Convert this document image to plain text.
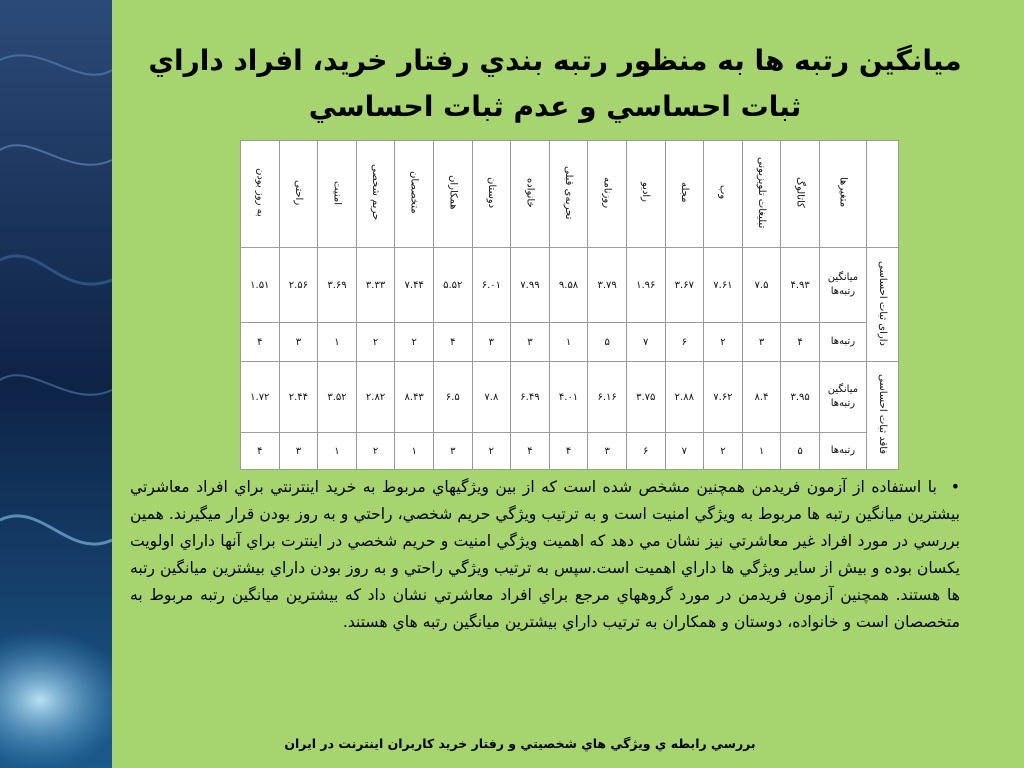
ميانگين رتبه ها به منظور رتبه بندي رفتار خريد، افراد داراي ثبات احساسي و عدم ثبات احساسي
به روز بودن	راحتی	امنیت	حریم شخصی	متخصصان	همکاران	دوستان	خانواده	تجربه‌ی قبلی	روزنامه	رادیو	مجله	وب	تبلیغات تلویزیونی	کاتالوگ	متغیرها	
۱.۵۱	۲.۵۶	۳.۶۹	۳.۳۳	۷.۴۴	۵.۵۲	۶.۰۱	۷.۹۹	۹.۵۸	۳.۷۹	۱.۹۶	۳.۶۷	۷.۶۱	۷.۵	۴.۹۳	میانگین رتبه‌ها	دارای ثبات احساسی
۴	۳	۱	۲	۲	۴	۳	۳	۱	۵	۷	۶	۲	۳	۴	رتبه‌ها	
۱.۷۲	۲.۴۴	۳.۵۲	۲.۸۲	۸.۴۳	۶.۵	۷.۸	۶.۴۹	۴.۰۱	۶.۱۶	۳.۷۵	۲.۸۸	۷.۶۲	۸.۴	۳.۹۵	میانگین رتبه‌ها	فاقد ثبات احساسی
۴	۳	۱	۲	۱	۳	۲	۴	۴	۳	۶	۷	۲	۱	۵	رتبه‌ها	

•با استفاده از آزمون فريدمن همچنين مشخص شده است كه از بين ويژگيهاي مربوط به خريد اينترنتي براي افراد معاشرتي بيشترين ميانگين رتبه ها مربوط به ويژگي امنيت است و به ترتيب ويژگي حريم شخصي، راحتي و به روز بودن قرار ميگيرند. همين بررسي در مورد افراد غير معاشرتي نيز نشان مي دهد كه اهميت ويژگي امنيت و حريم شخصي در اينترت براي آنها داراي اولويت يكسان بوده و بيش از ساير ويژگي ها داراي اهميت است.سپس به ترتيب ويژگي راحتي و به روز بودن داراي بيشترين ميانگين رتبه ها هستند. همچنين آزمون فريدمن در مورد گروههاي مرجع براي افراد معاشرتي نشان داد كه بيشترين ميانگين رتبه مربوط به متخصصان است و خانواده، دوستان و همكاران به ترتيب داراي بيشترين ميانگين رتبه هاي هستند.

بررسي رابطه ي ويژگي هاي شخصيتي و رفتار خريد كاربران اينترنت در ايران
